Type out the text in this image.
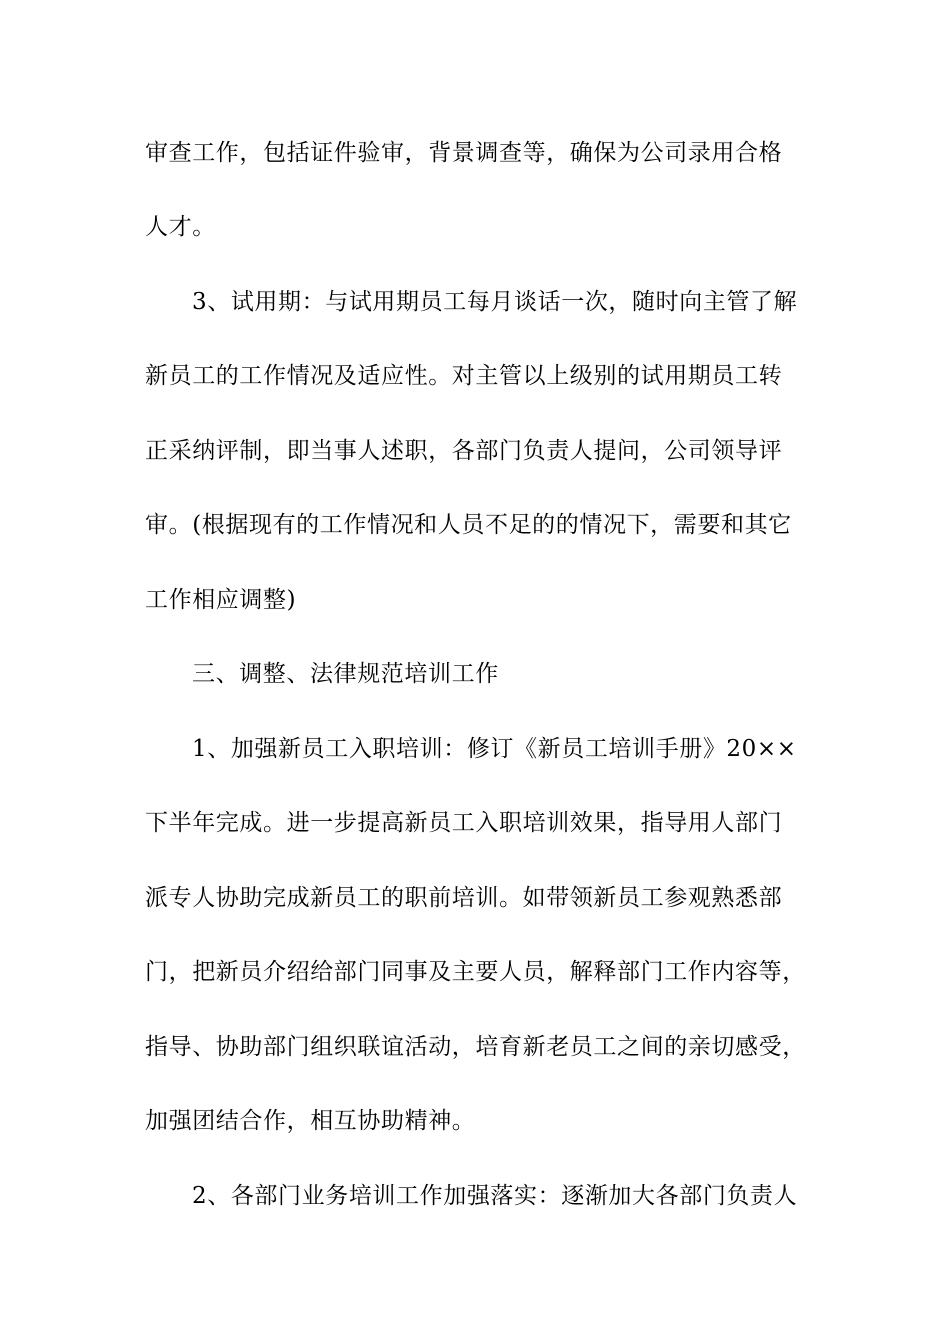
审查工作，包括证件验审，背景调查等，确保为公司录用合格
人才。
3、试用期：与试用期员工每月谈话一次，随时向主管了解
新员工的工作情况及适应性。对主管以上级别的试用期员工转
正采纳评制，即当事人述职，各部门负责人提问，公司领导评
审。(根据现有的工作情况和人员不足的的情况下，需要和其它
工作相应调整)
三、调整、法律规范培训工作
1、加强新员工入职培训：修订《新员工培训手册》20××
下半年完成。进一步提高新员工入职培训效果，指导用人部门
派专人协助完成新员工的职前培训。如带领新员工参观熟悉部
门，把新员介绍给部门同事及主要人员，解释部门工作内容等，
指导、协助部门组织联谊活动，培育新老员工之间的亲切感受，
加强团结合作，相互协助精神。
2、各部门业务培训工作加强落实：逐渐加大各部门负责人
